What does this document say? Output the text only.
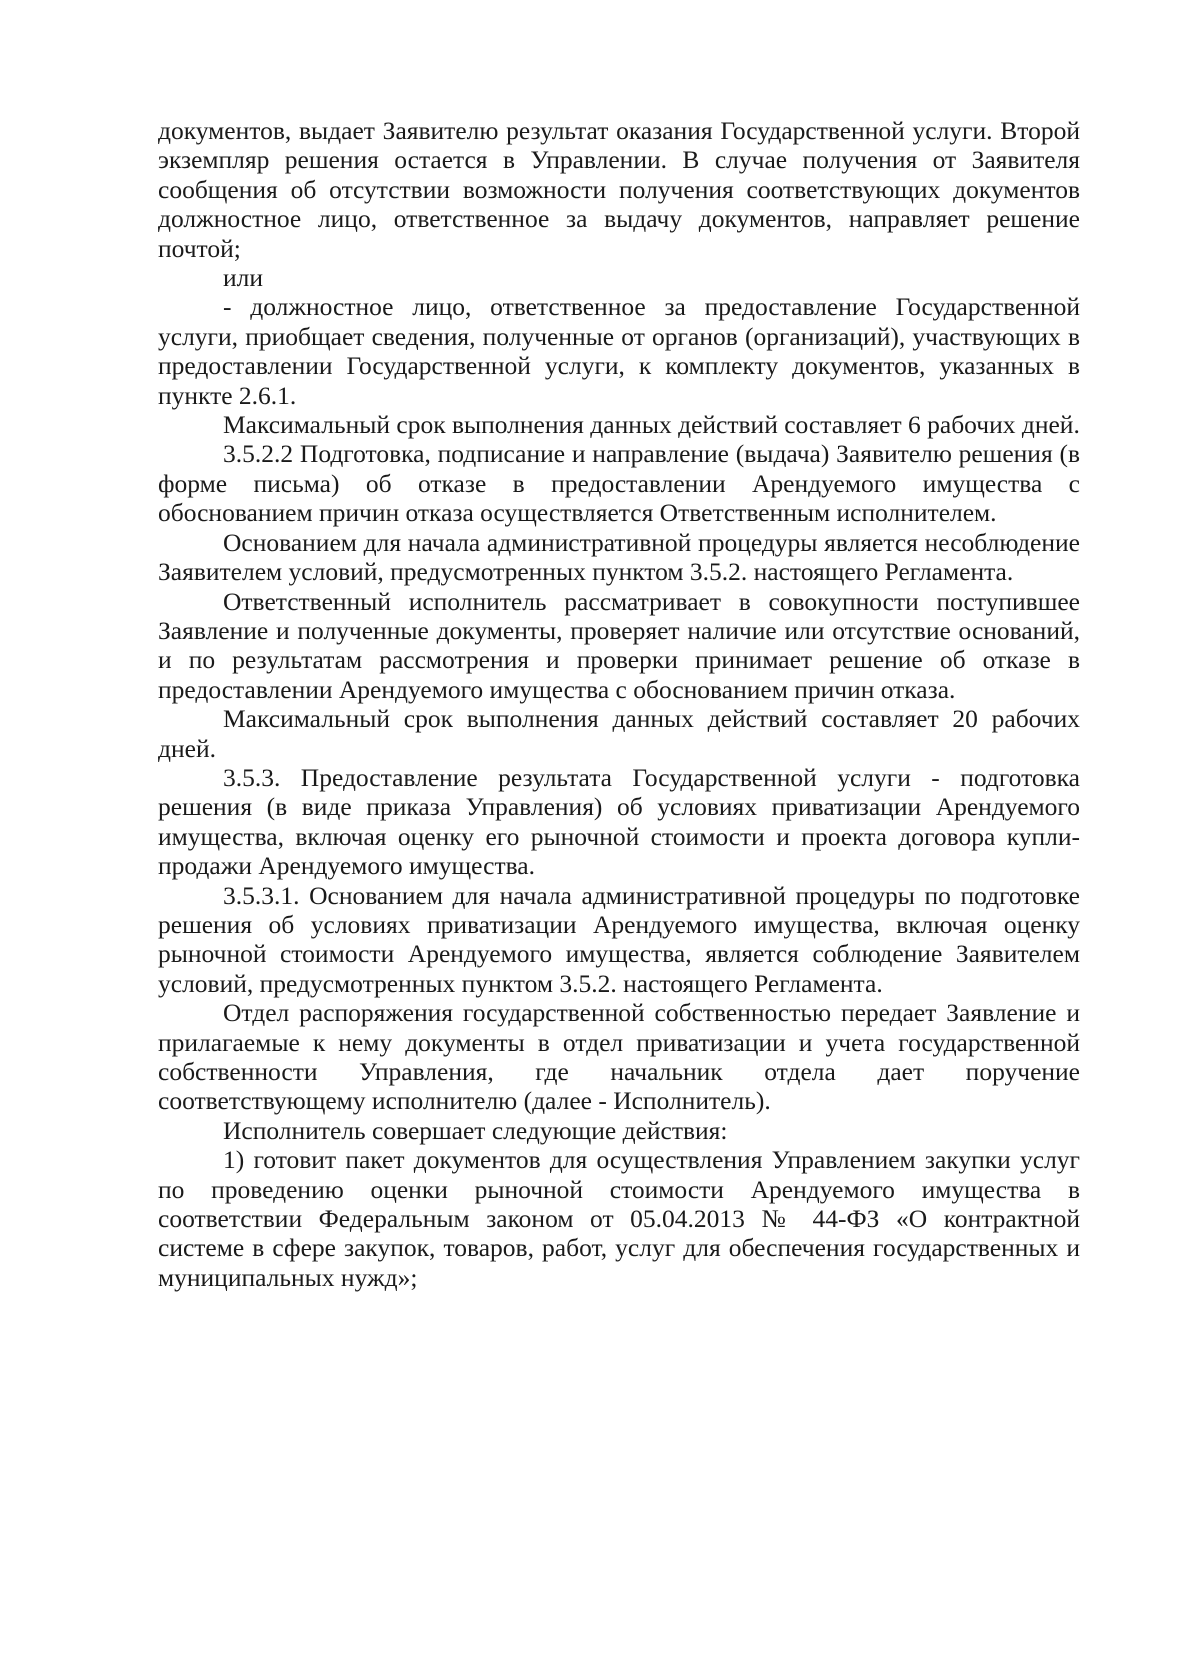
документов, выдает Заявителю результат оказания Государственной услуги. Второй экземпляр решения остается в Управлении. В случае получения от Заявителя сообщения об отсутствии возможности получения соответствующих документов должностное лицо, ответственное за выдачу документов, направляет решение почтой;

или

- должностное лицо, ответственное за предоставление Государственной услуги, приобщает сведения, полученные от органов (организаций), участвующих в предоставлении Государственной услуги, к комплекту документов, указанных в пункте 2.6.1.

Максимальный срок выполнения данных действий составляет 6 рабочих дней.

3.5.2.2 Подготовка, подписание и направление (выдача) Заявителю решения (в форме письма) об отказе в предоставлении Арендуемого имущества с обоснованием причин отказа осуществляется Ответственным исполнителем.

Основанием для начала административной процедуры является несоблюдение Заявителем условий, предусмотренных пунктом 3.5.2. настоящего Регламента.

Ответственный исполнитель рассматривает в совокупности поступившее Заявление и полученные документы, проверяет наличие или отсутствие оснований, и по результатам рассмотрения и проверки принимает решение об отказе в предоставлении Арендуемого имущества с обоснованием причин отказа.

Максимальный срок выполнения данных действий составляет 20 рабочих дней.

3.5.3. Предоставление результата Государственной услуги - подготовка решения (в виде приказа Управления) об условиях приватизации Арендуемого имущества, включая оценку его рыночной стоимости и проекта договора купли-продажи Арендуемого имущества.

3.5.3.1. Основанием для начала административной процедуры по подготовке решения об условиях приватизации Арендуемого имущества, включая оценку рыночной стоимости Арендуемого имущества, является соблюдение Заявителем условий, предусмотренных пунктом 3.5.2. настоящего Регламента.

Отдел распоряжения государственной собственностью передает Заявление и прилагаемые к нему документы в отдел приватизации и учета государственной собственности Управления, где начальник отдела дает поручение соответствующему исполнителю (далее - Исполнитель).

Исполнитель совершает следующие действия:

1) готовит пакет документов для осуществления Управлением закупки услуг по проведению оценки рыночной стоимости Арендуемого имущества в соответствии Федеральным законом от 05.04.2013 № 44-ФЗ «О контрактной системе в сфере закупок, товаров, работ, услуг для обеспечения государственных и муниципальных нужд»;
